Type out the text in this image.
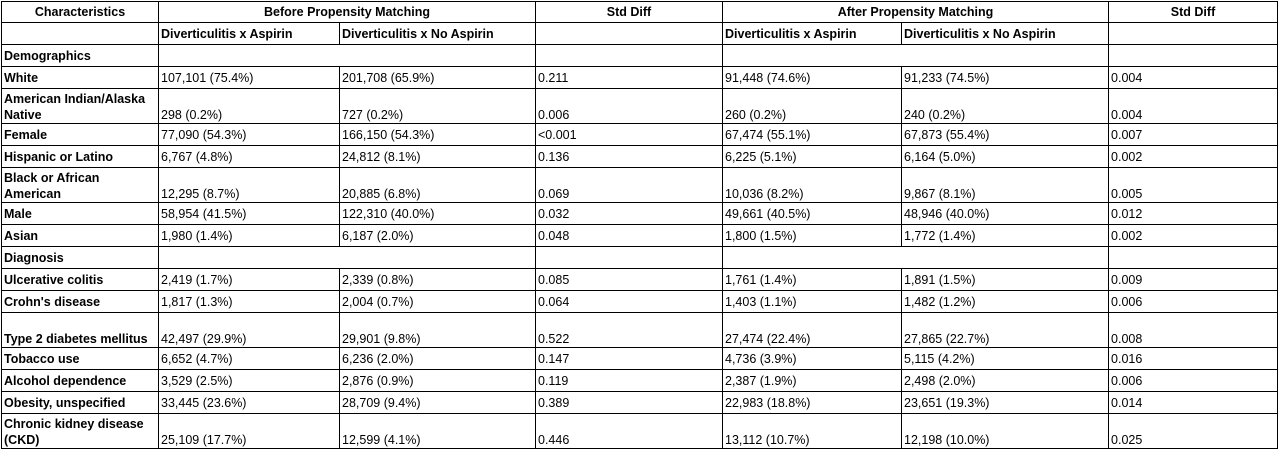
Characteristics	Before Propensity Matching		Std Diff	After Propensity Matching		Std Diff
	Diverticulitis x Aspirin	Diverticulitis x No Aspirin		Diverticulitis x Aspirin	Diverticulitis x No Aspirin	
Demographics						
White	107,101 (75.4%)	201,708 (65.9%)	0.211	91,448 (74.6%)	91,233 (74.5%)	0.004
American Indian/Alaska Native	298 (0.2%)	727 (0.2%)	0.006	260 (0.2%)	240 (0.2%)	0.004
Female	77,090 (54.3%)	166,150 (54.3%)	<0.001	67,474 (55.1%)	67,873 (55.4%)	0.007
Hispanic or Latino	6,767 (4.8%)	24,812 (8.1%)	0.136	6,225 (5.1%)	6,164 (5.0%)	0.002
Black or African American	12,295 (8.7%)	20,885 (6.8%)	0.069	10,036 (8.2%)	9,867 (8.1%)	0.005
Male	58,954 (41.5%)	122,310 (40.0%)	0.032	49,661 (40.5%)	48,946 (40.0%)	0.012
Asian	1,980 (1.4%)	6,187 (2.0%)	0.048	1,800 (1.5%)	1,772 (1.4%)	0.002
Diagnosis						
Ulcerative colitis	2,419 (1.7%)	2,339 (0.8%)	0.085	1,761 (1.4%)	1,891 (1.5%)	0.009
Crohn's disease	1,817 (1.3%)	2,004 (0.7%)	0.064	1,403 (1.1%)	1,482 (1.2%)	0.006
Type 2 diabetes mellitus	42,497 (29.9%)	29,901 (9.8%)	0.522	27,474 (22.4%)	27,865 (22.7%)	0.008
Tobacco use	6,652 (4.7%)	6,236 (2.0%)	0.147	4,736 (3.9%)	5,115 (4.2%)	0.016
Alcohol dependence	3,529 (2.5%)	2,876 (0.9%)	0.119	2,387 (1.9%)	2,498 (2.0%)	0.006
Obesity, unspecified	33,445 (23.6%)	28,709 (9.4%)	0.389	22,983 (18.8%)	23,651 (19.3%)	0.014
Chronic kidney disease (CKD)	25,109 (17.7%)	12,599 (4.1%)	0.446	13,112 (10.7%)	12,198 (10.0%)	0.025
